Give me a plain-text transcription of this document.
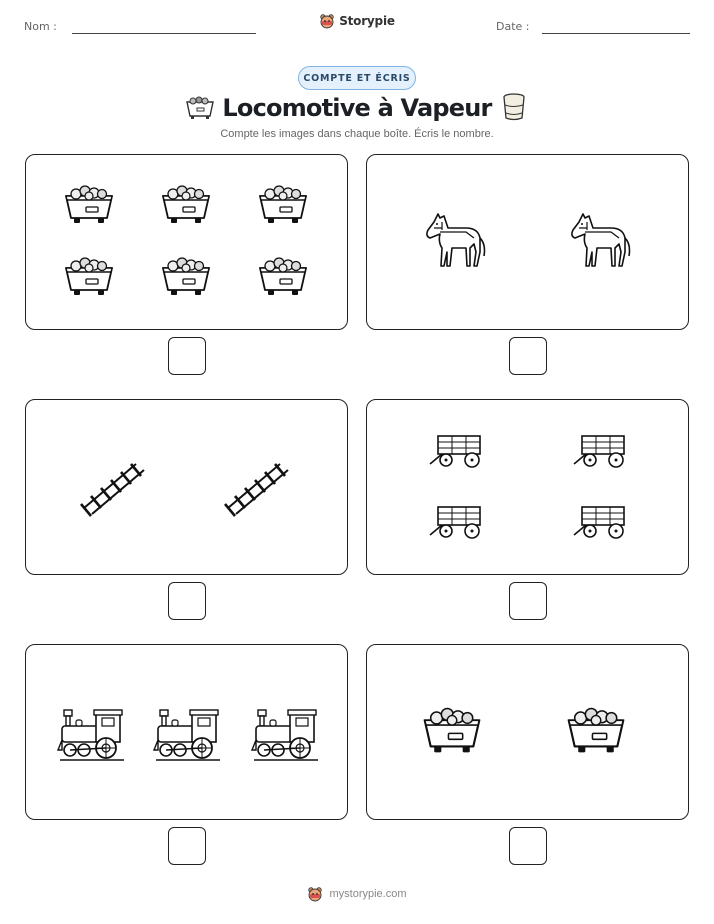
Nom :	Date :
Storypie
COMPTE ET ÉCRIS
Locomotive à Vapeur
Compte les images dans chaque boîte. Écris le nombre.
mystorypie.com
